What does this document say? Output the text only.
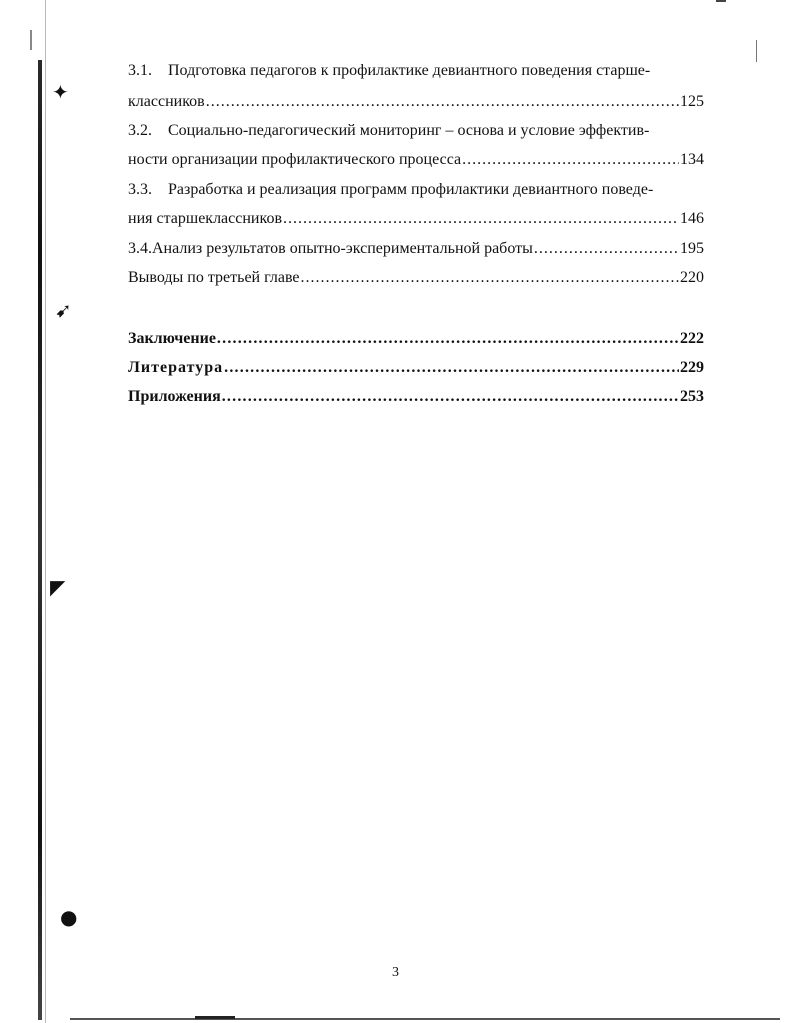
✦
➹
◤
●
3.1. Подготовка педагогов к профилактике девиантного поведения старше-
классников .....	125
3.2. Социально-педагогический мониторинг – основа и условие эффектив-
ности организации профилактического процесса .....	134
3.3. Разработка и реализация программ профилактики девиантного поведе-
ния старшеклассников .....	146
3.4. Анализ результатов опытно-экспериментальной работы .....	195
Выводы по третьей главе .....	220
Заключение .....	222
Литература .....	229
Приложения .....	253
3
